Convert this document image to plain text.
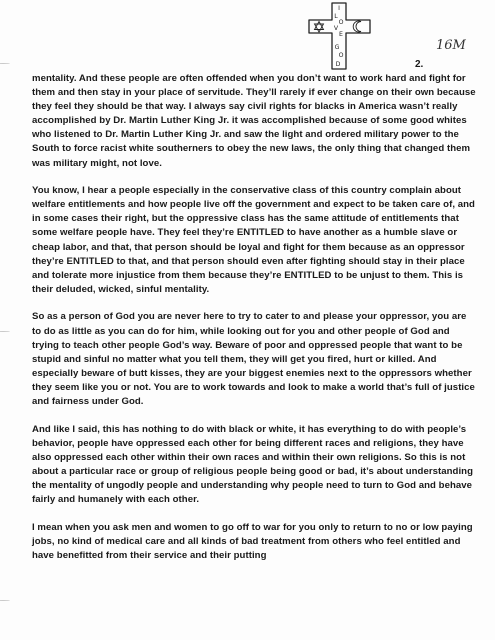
I
L
O
V
E
G
O
D
16M
2.

mentality. And these people are often offended when you don’t want to work hard and fight for them and then stay in your place of servitude. They’ll rarely if ever change on their own because they feel they should be that way. I always say civil rights for blacks in America wasn’t really accomplished by Dr. Martin Luther King Jr. it was accomplished because of some good whites who listened to Dr. Martin Luther King Jr. and saw the light and ordered military power to the South to force racist white southerners to obey the new laws, the only thing that changed them was military might, not love.

You know, I hear a people especially in the conservative class of this country complain about welfare entitlements and how people live off the government and expect to be taken care of, and in some cases their right, but the oppressive class has the same attitude of entitlements that some welfare people have. They feel they’re ENTITLED to have another as a humble slave or cheap labor, and that, that person should be loyal and fight for them because as an oppressor they’re ENTITLED to that, and that person should even after fighting should stay in their place and tolerate more injustice from them because they’re ENTITLED to be unjust to them. This is their deluded, wicked, sinful mentality.

So as a person of God you are never here to try to cater to and please your oppressor, you are to do as little as you can do for him, while looking out for you and other people of God and trying to teach other people God’s way. Beware of poor and oppressed people that want to be stupid and sinful no matter what you tell them, they will get you fired, hurt or killed. And especially beware of butt kisses, they are your biggest enemies next to the oppressors whether they seem like you or not. You are to work towards and look to make a world that’s full of justice and fairness under God.

And like I said, this has nothing to do with black or white, it has everything to do with people’s behavior, people have oppressed each other for being different races and religions, they have also oppressed each other within their own races and within their own religions. So this is not about a particular race or group of religious people being good or bad, it’s about understanding the mentality of ungodly people and understanding why people need to turn to God and behave fairly and humanely with each other.

I mean when you ask men and women to go off to war for you only to return to no or low paying jobs, no kind of medical care and all kinds of bad treatment from others who feel entitled and have benefitted from their service and their putting
